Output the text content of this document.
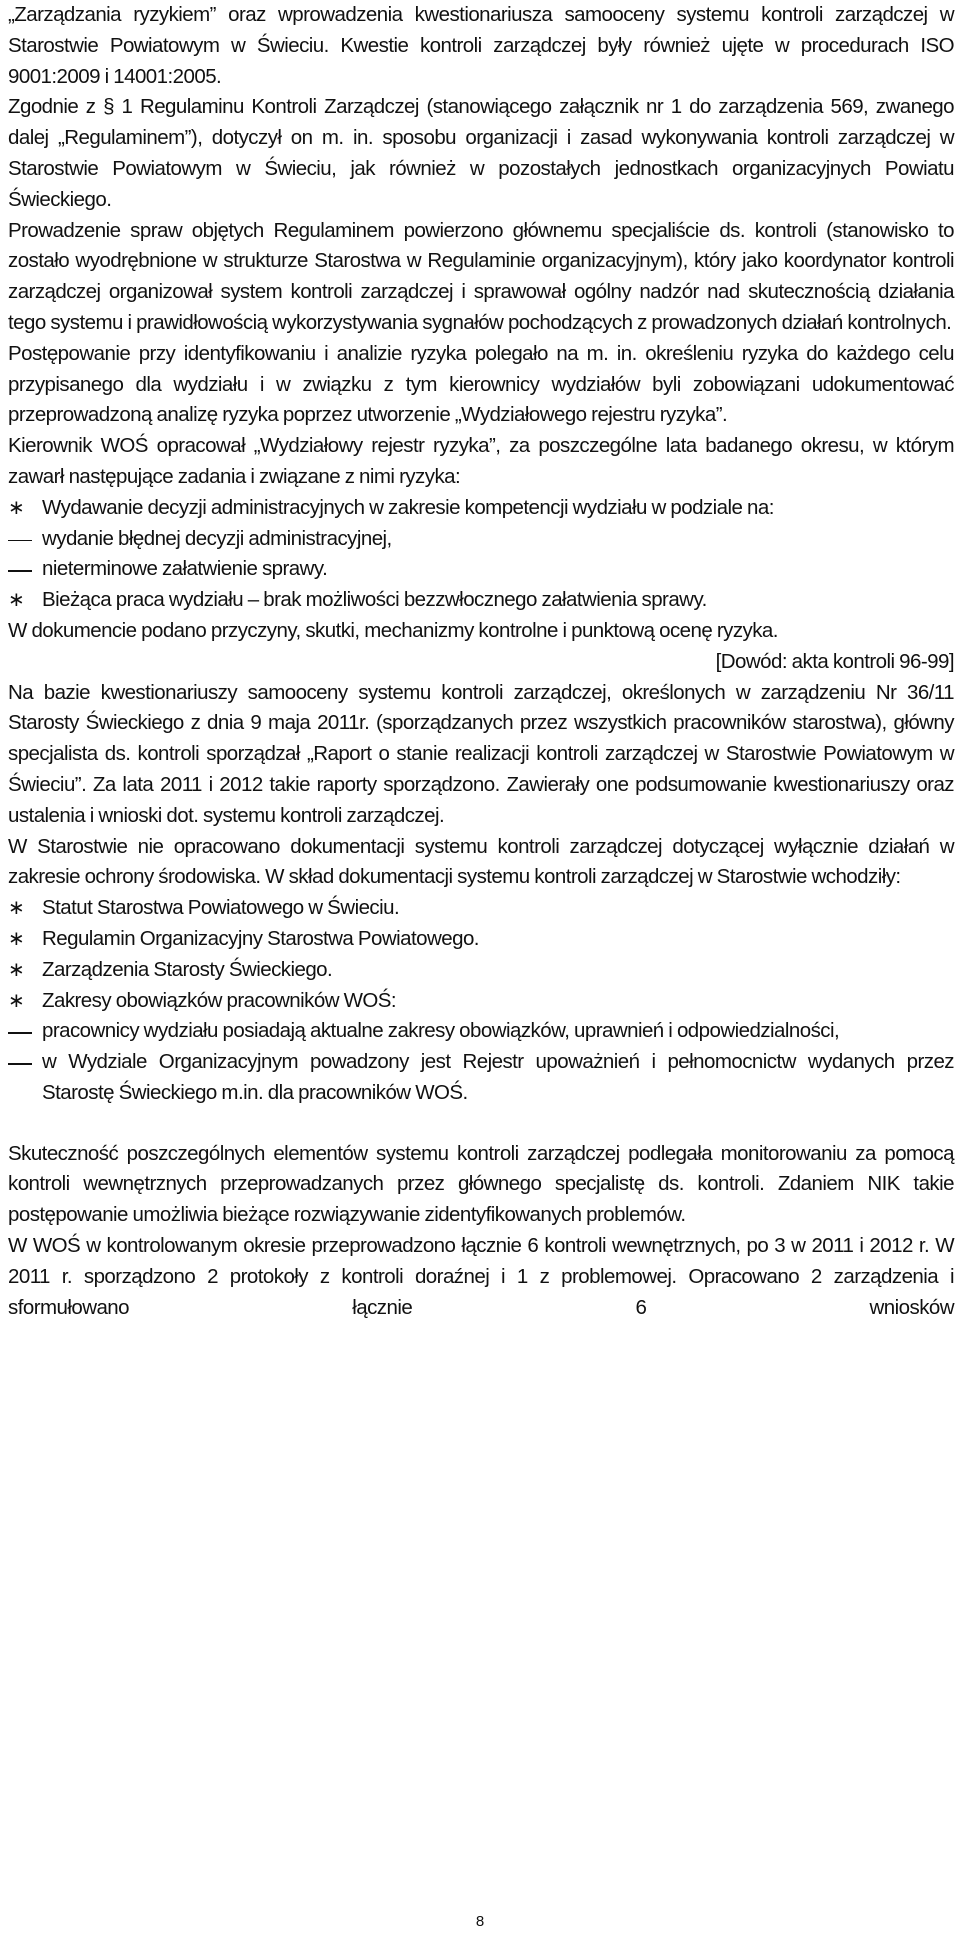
„Zarządzania ryzykiem” oraz wprowadzenia kwestionariusza samooceny systemu kontroli zarządczej w Starostwie Powiatowym w Świeciu. Kwestie kontroli zarządczej były również ujęte w procedurach ISO 9001:2009 i 14001:2005.

Zgodnie z § 1 Regulaminu Kontroli Zarządczej (stanowiącego załącznik nr 1 do zarządzenia 569, zwanego dalej „Regulaminem”), dotyczył on m. in. sposobu organizacji i zasad wykonywania kontroli zarządczej w Starostwie Powiatowym w Świeciu, jak również w pozostałych jednostkach organizacyjnych Powiatu Świeckiego.

Prowadzenie spraw objętych Regulaminem powierzono głównemu specjaliście ds. kontroli (stanowisko to zostało wyodrębnione w strukturze Starostwa w Regulaminie organizacyjnym), który jako koordynator kontroli zarządczej organizował system kontroli zarządczej i sprawował ogólny nadzór nad skutecznością działania tego systemu i prawidłowością wykorzystywania sygnałów pochodzących z prowadzonych działań kontrolnych.

Postępowanie przy identyfikowaniu i analizie ryzyka polegało na m. in. określeniu ryzyka do każdego celu przypisanego dla wydziału i w związku z tym kierownicy wydziałów byli zobowiązani udokumentować przeprowadzoną analizę ryzyka poprzez utworzenie „Wydziałowego rejestru ryzyka”.

Kierownik WOŚ opracował „Wydziałowy rejestr ryzyka”, za poszczególne lata badanego okresu, w którym zawarł następujące zadania i związane z nimi ryzyka:

∗
Wydawanie decyzji administracyjnych w zakresie kompetencji wydziału w podziale na:
wydanie błędnej decyzji administracyjnej,
nieterminowe załatwienie sprawy.
∗
Bieżąca praca wydziału – brak możliwości bezzwłocznego załatwienia sprawy.

W dokumencie podano przyczyny, skutki, mechanizmy kontrolne i punktową ocenę ryzyka.

[Dowód: akta kontroli 96-99]

Na bazie kwestionariuszy samooceny systemu kontroli zarządczej, określonych w zarządzeniu Nr 36/11 Starosty Świeckiego z dnia 9 maja 2011r. (sporządzanych przez wszystkich pracowników starostwa), główny specjalista ds. kontroli sporządzał „Raport o stanie realizacji kontroli zarządczej w Starostwie Powiatowym w Świeciu”. Za lata 2011 i 2012 takie raporty sporządzono. Zawierały one podsumowanie kwestionariuszy oraz ustalenia i wnioski dot. systemu kontroli zarządczej.

W Starostwie nie opracowano dokumentacji systemu kontroli zarządczej dotyczącej wyłącznie działań w zakresie ochrony środowiska. W skład dokumentacji systemu kontroli zarządczej w Starostwie wchodziły:

∗
Statut Starostwa Powiatowego w Świeciu.
∗
Regulamin Organizacyjny Starostwa Powiatowego.
∗
Zarządzenia Starosty Świeckiego.
∗
Zakresy obowiązków pracowników WOŚ:
pracownicy wydziału posiadają aktualne zakresy obowiązków, uprawnień i odpowiedzialności,
w Wydziale Organizacyjnym powadzony jest Rejestr upoważnień i pełnomocnictw wydanych przez Starostę Świeckiego m.in. dla pracowników WOŚ.

Skuteczność poszczególnych elementów systemu kontroli zarządczej podlegała monitorowaniu za pomocą kontroli wewnętrznych przeprowadzanych przez głównego specjalistę ds. kontroli. Zdaniem NIK takie postępowanie umożliwia bieżące rozwiązywanie zidentyfikowanych problemów.

W WOŚ w kontrolowanym okresie przeprowadzono łącznie 6 kontroli wewnętrznych, po 3 w 2011 i 2012 r. W 2011 r. sporządzono 2 protokoły z kontroli doraźnej i 1 z problemowej. Opracowano 2 zarządzenia i sformułowano łącznie 6 wniosków

8
